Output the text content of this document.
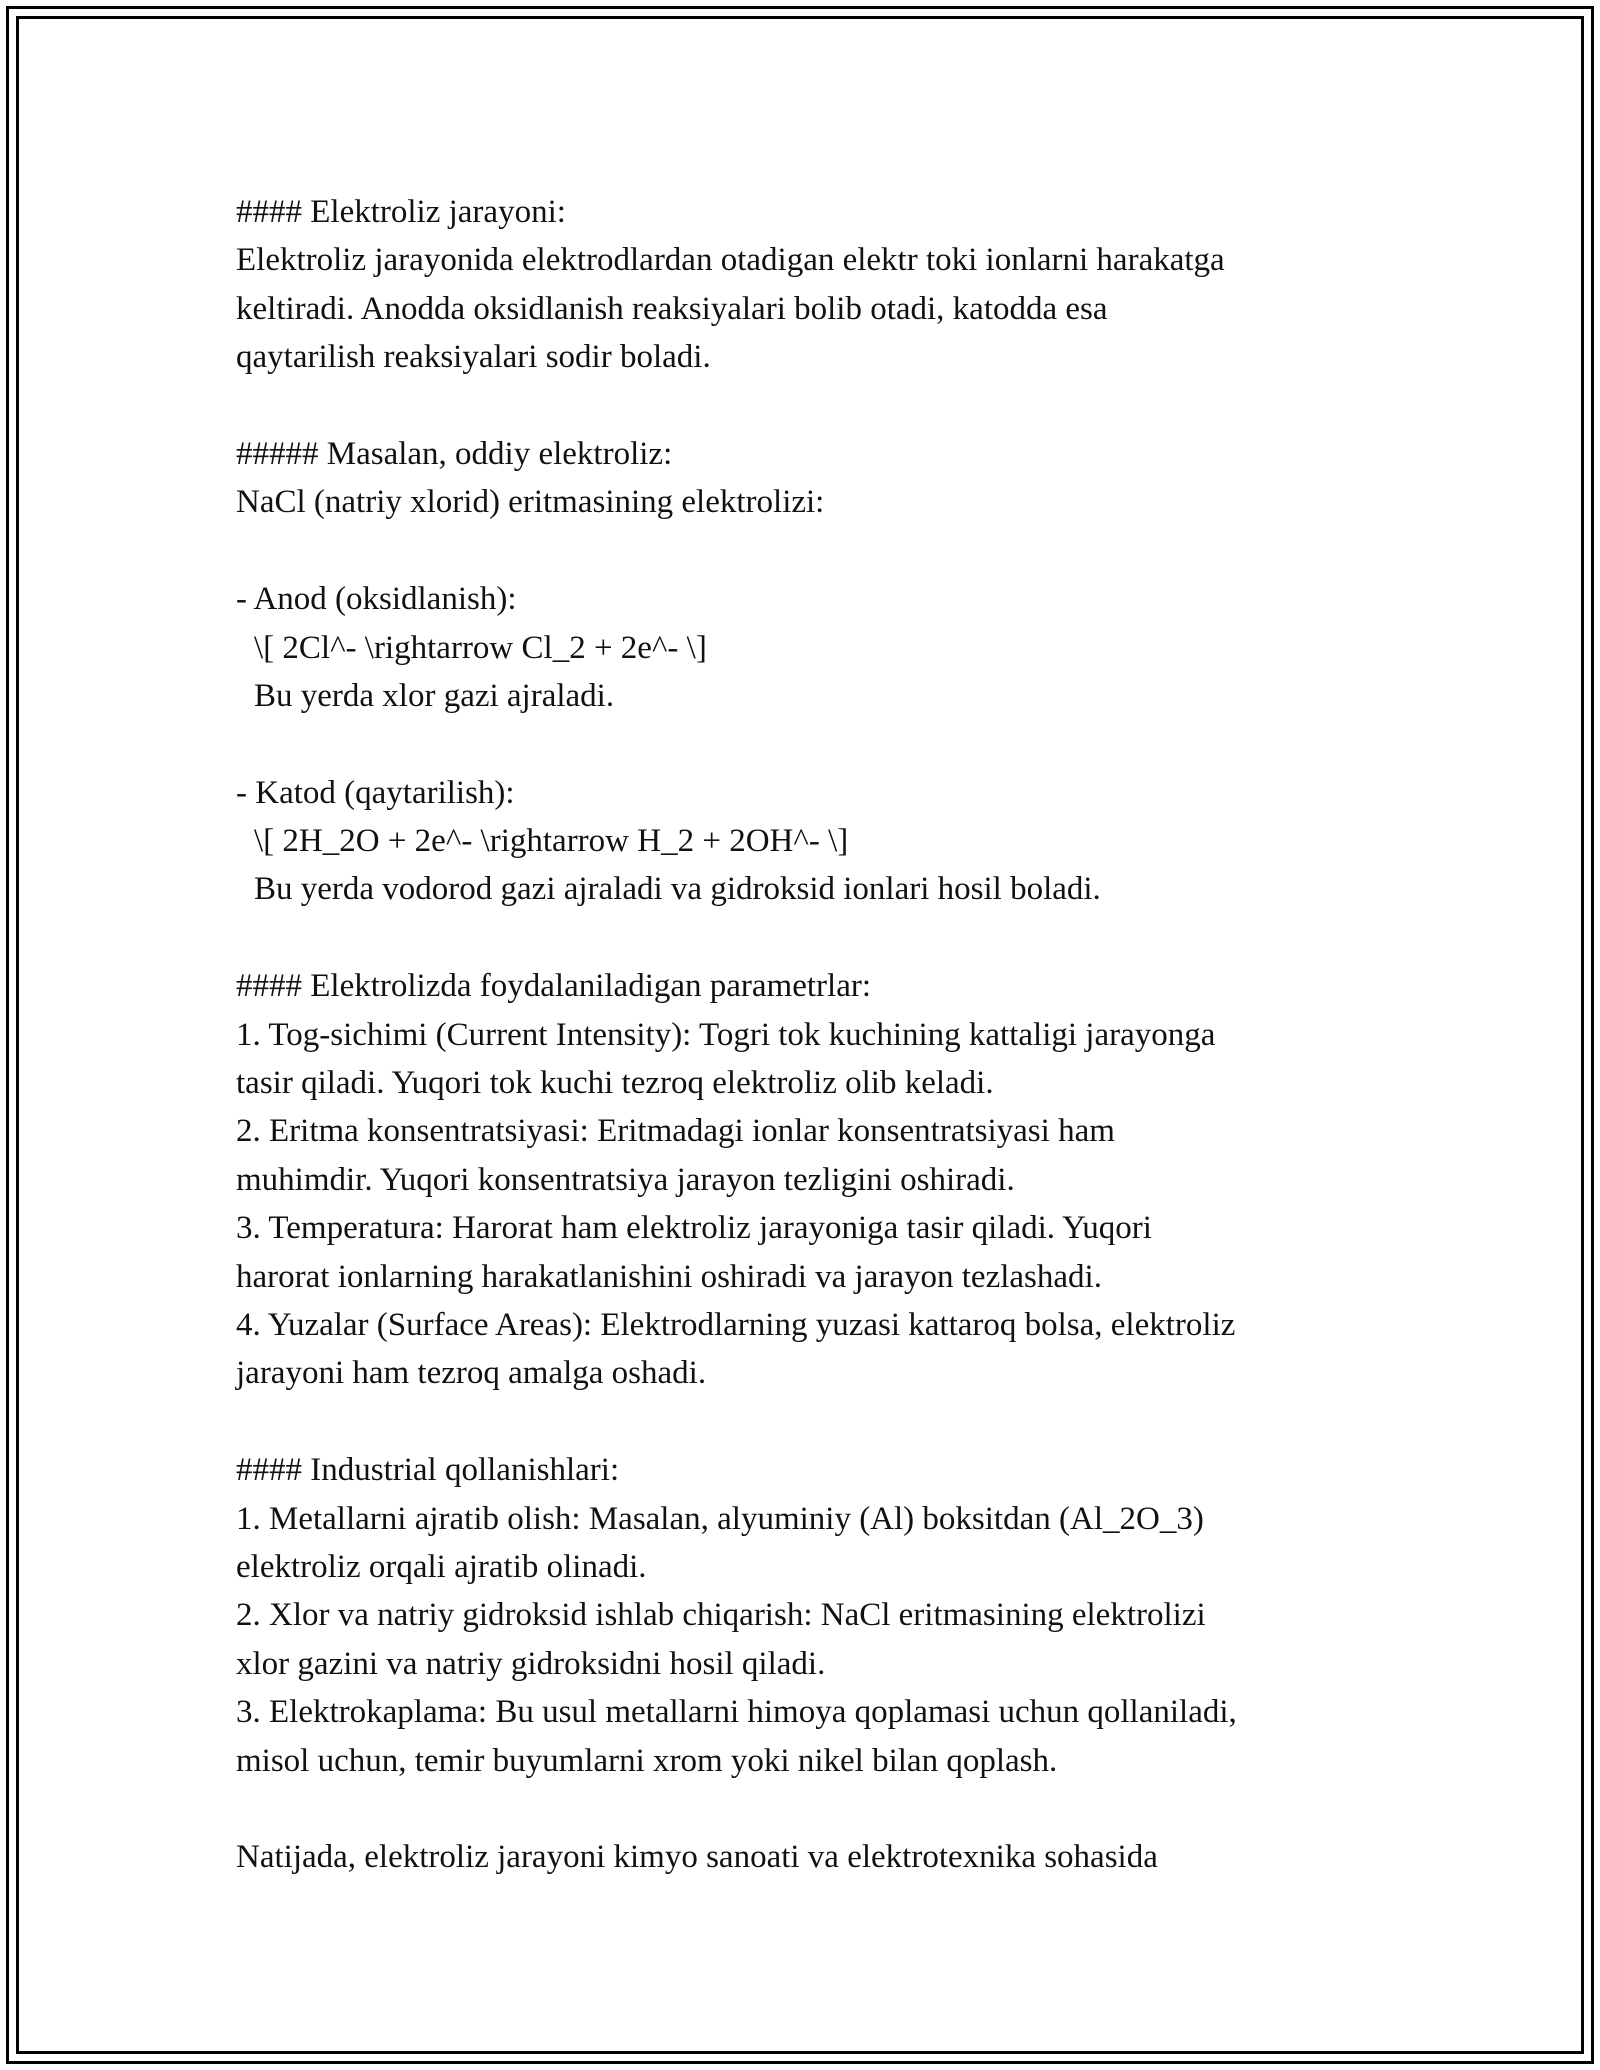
#### Elektroliz jarayoni:
Elektroliz jarayonida elektrodlardan otadigan elektr toki ionlarni harakatga
keltiradi. Anodda oksidlanish reaksiyalari bolib otadi, katodda esa
qaytarilish reaksiyalari sodir boladi.
##### Masalan, oddiy elektroliz:
NaCl (natriy xlorid) eritmasining elektrolizi:
- Anod (oksidlanish):
\[ 2Cl^- \rightarrow Cl_2 + 2e^- \]
Bu yerda xlor gazi ajraladi.
- Katod (qaytarilish):
\[ 2H_2O + 2e^- \rightarrow H_2 + 2OH^- \]
Bu yerda vodorod gazi ajraladi va gidroksid ionlari hosil boladi.
#### Elektrolizda foydalaniladigan parametrlar:
1. Tog-sichimi (Current Intensity): Togri tok kuchining kattaligi jarayonga
tasir qiladi. Yuqori tok kuchi tezroq elektroliz olib keladi.
2. Eritma konsentratsiyasi: Eritmadagi ionlar konsentratsiyasi ham
muhimdir. Yuqori konsentratsiya jarayon tezligini oshiradi.
3. Temperatura: Harorat ham elektroliz jarayoniga tasir qiladi. Yuqori
harorat ionlarning harakatlanishini oshiradi va jarayon tezlashadi.
4. Yuzalar (Surface Areas): Elektrodlarning yuzasi kattaroq bolsa, elektroliz
jarayoni ham tezroq amalga oshadi.
#### Industrial qollanishlari:
1. Metallarni ajratib olish: Masalan, alyuminiy (Al) boksitdan (Al_2O_3)
elektroliz orqali ajratib olinadi.
2. Xlor va natriy gidroksid ishlab chiqarish: NaCl eritmasining elektrolizi
xlor gazini va natriy gidroksidni hosil qiladi.
3. Elektrokaplama: Bu usul metallarni himoya qoplamasi uchun qollaniladi,
misol uchun, temir buyumlarni xrom yoki nikel bilan qoplash.
Natijada, elektroliz jarayoni kimyo sanoati va elektrotexnika sohasida
